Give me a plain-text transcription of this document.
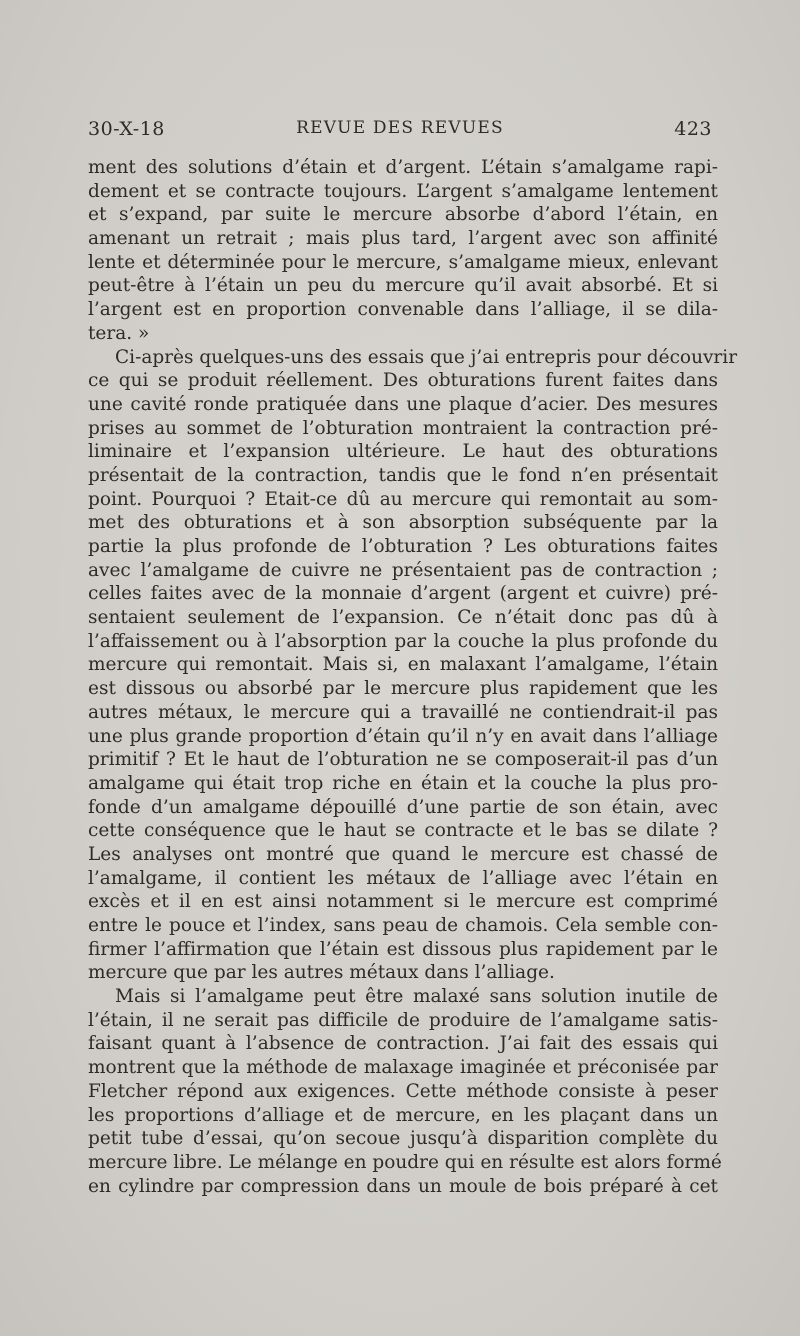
30-X-18	REVUE DES REVUES	423
ment des solutions d’étain et d’argent. L’étain s’amalgame rapi-
dement et se contracte toujours. L’argent s’amalgame lentement
et s’expand, par suite le mercure absorbe d’abord l’étain, en
amenant un retrait ; mais plus tard, l’argent avec son affinité
lente et déterminée pour le mercure, s’amalgame mieux, enlevant
peut-être à l’étain un peu du mercure qu’il avait absorbé. Et si
l’argent est en proportion convenable dans l’alliage, il se dila-
tera. »
Ci-après quelques-uns des essais que j’ai entrepris pour découvrir
ce qui se produit réellement. Des obturations furent faites dans
une cavité ronde pratiquée dans une plaque d’acier. Des mesures
prises au sommet de l’obturation montraient la contraction pré-
liminaire et l’expansion ultérieure. Le haut des obturations
présentait de la contraction, tandis que le fond n’en présentait
point. Pourquoi ? Etait-ce dû au mercure qui remontait au som-
met des obturations et à son absorption subséquente par la
partie la plus profonde de l’obturation ? Les obturations faites
avec l’amalgame de cuivre ne présentaient pas de contraction ;
celles faites avec de la monnaie d’argent (argent et cuivre) pré-
sentaient seulement de l’expansion. Ce n’était donc pas dû à
l’affaissement ou à l’absorption par la couche la plus profonde du
mercure qui remontait. Mais si, en malaxant l’amalgame, l’étain
est dissous ou absorbé par le mercure plus rapidement que les
autres métaux, le mercure qui a travaillé ne contiendrait-il pas
une plus grande proportion d’étain qu’il n’y en avait dans l’alliage
primitif ? Et le haut de l’obturation ne se composerait-il pas d’un
amalgame qui était trop riche en étain et la couche la plus pro-
fonde d’un amalgame dépouillé d’une partie de son étain, avec
cette conséquence que le haut se contracte et le bas se dilate ?
Les analyses ont montré que quand le mercure est chassé de
l’amalgame, il contient les métaux de l’alliage avec l’étain en
excès et il en est ainsi notamment si le mercure est comprimé
entre le pouce et l’index, sans peau de chamois. Cela semble con-
firmer l’affirmation que l’étain est dissous plus rapidement par le
mercure que par les autres métaux dans l’alliage.
Mais si l’amalgame peut être malaxé sans solution inutile de
l’étain, il ne serait pas difficile de produire de l’amalgame satis-
faisant quant à l’absence de contraction. J’ai fait des essais qui
montrent que la méthode de malaxage imaginée et préconisée par
Fletcher répond aux exigences. Cette méthode consiste à peser
les proportions d’alliage et de mercure, en les plaçant dans un
petit tube d’essai, qu’on secoue jusqu’à disparition complète du
mercure libre. Le mélange en poudre qui en résulte est alors formé
en cylindre par compression dans un moule de bois préparé à cet
